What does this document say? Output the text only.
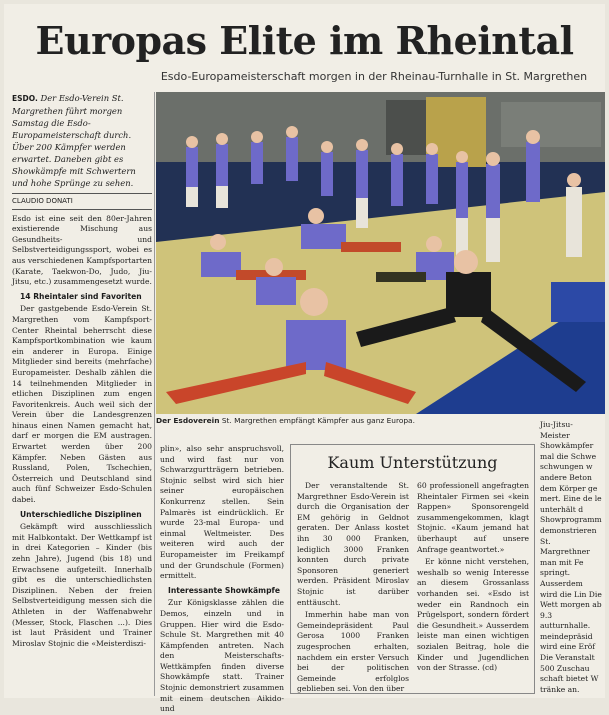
Europas Elite im Rheintal
Esdo-Europameisterschaft morgen in der Rheinau-Turnhalle in St. Margrethen
ESDO. Der Esdo-Verein St. Margrethen führt morgen Samstag die Esdo-Europameisterschaft durch. Über 200 Kämpfer werden erwartet. Daneben gibt es Showkämpfe mit Schwertern und hohe Sprünge zu sehen.
CLAUDIO DONATI

Esdo ist eine seit den 80er-Jahren existierende Mischung aus Gesundheits- und Selbstverteidigungssport, wobei es aus verschiedenen Kampfsportarten (Karate, Taekwon-Do, Judo, Jiu-Jitsu, etc.) zusammengesetzt wurde.

14 Rheintaler sind Favoriten

Der gastgebende Esdo-Verein St. Margrethen vom Kampfsport-Center Rheintal beherrscht diese Kampfsportkombination wie kaum ein anderer in Europa. Einige Mitglieder sind bereits (mehrfache) Europameister. Deshalb zählen die 14 teilnehmenden Mitglieder in etlichen Disziplinen zum engen Favoritenkreis. Auch weil sich der Verein über die Landesgrenzen hinaus einen Namen gemacht hat, darf er morgen die EM austragen. Erwartet werden über 200 Kämpfer. Neben Gästen aus Russland, Polen, Tschechien, Österreich und Deutschland sind auch fünf Schweizer Esdo-Schulen dabei.

Unterschiedliche Disziplinen

Gekämpft wird ausschliesslich mit Halbkontakt. Der Wettkampf ist in drei Kategorien – Kinder (bis zehn Jahre), Jugend (bis 18) und Erwachsene aufgeteilt. Innerhalb gibt es die unterschiedlichsten Disziplinen. Neben der freien Selbstverteidigung messen sich die Athleten in der Waffenabwehr (Messer, Stock, Flaschen ...). Dies ist laut Präsident und Trainer Miroslav Stojnic die «Meisterdiszi-

Der Esdoverein St. Margrethen empfängt Kämpfer aus ganz Europa.

plin», also sehr anspruchsvoll, und wird fast nur von Schwarzgurtträgern betrieben. Stojnic selbst wird sich hier seiner europäischen Konkurrenz stellen. Sein Palmarès ist eindrücklich. Er wurde 23-mal Europa- und einmal Weltmeister. Des weiteren wird auch der Europameister im Freikampf und der Grundschule (Formen) ermittelt.

Interessante Showkämpfe

Zur Königsklasse zählen die Demos, einzeln und in Gruppen. Hier wird die Esdo-Schule St. Margrethen mit 40 Kämpfenden antreten. Nach den Meisterschafts-Wettkämpfen finden diverse Showkämpfe statt. Trainer Stojnic demonstriert zusammen mit einem deutschen Aikido- und

Kaum Unterstützung

Der veranstaltende St. Margrethner Esdo-Verein ist durch die Organisation der EM gehörig in Geldnot geraten. Der Anlass kostet ihn 30 000 Franken, lediglich 3000 Franken konnten durch private Sponsoren generiert werden. Präsident Miroslav Stojnic ist darüber enttäuscht.

Immerhin habe man von Gemeindepräsident Paul Gerosa 1000 Franken zugesprochen erhalten, nachdem ein erster Versuch bei der politischen Gemeinde erfolglos geblieben sei. Von den über

60 professionell angefragten Rheintaler Firmen sei «kein Rappen» Sponsorengeld zusammengekommen, klagt Stojnic. «Kaum jemand hat überhaupt auf unsere Anfrage geantwortet.»

Er könne nicht verstehen, weshalb so wenig Interesse an diesem Grossanlass vorhanden sei. «Esdo ist weder ein Randnoch ein Prügelsport, sondern fördert die Gesundheit.» Ausserdem leiste man einen wichtigen sozialen Beitrag, hole die Kinder und Jugendlichen von der Strasse. (cd)

Jiu-Jitsu-Meister Showkämpfer mal die Schwe schwungen w andere Beton dem Körper ge mert. Eine de le unterhält d Showprogramm demonstrieren St. Margrethner man mit Fe springt. Ausserdem wird die Lin Die Wett morgen ab 9.3 autturnhalle. meindepräsid wird eine Eröf Die Veranstalt 500 Zuschau schaft bietet W tränke an.
